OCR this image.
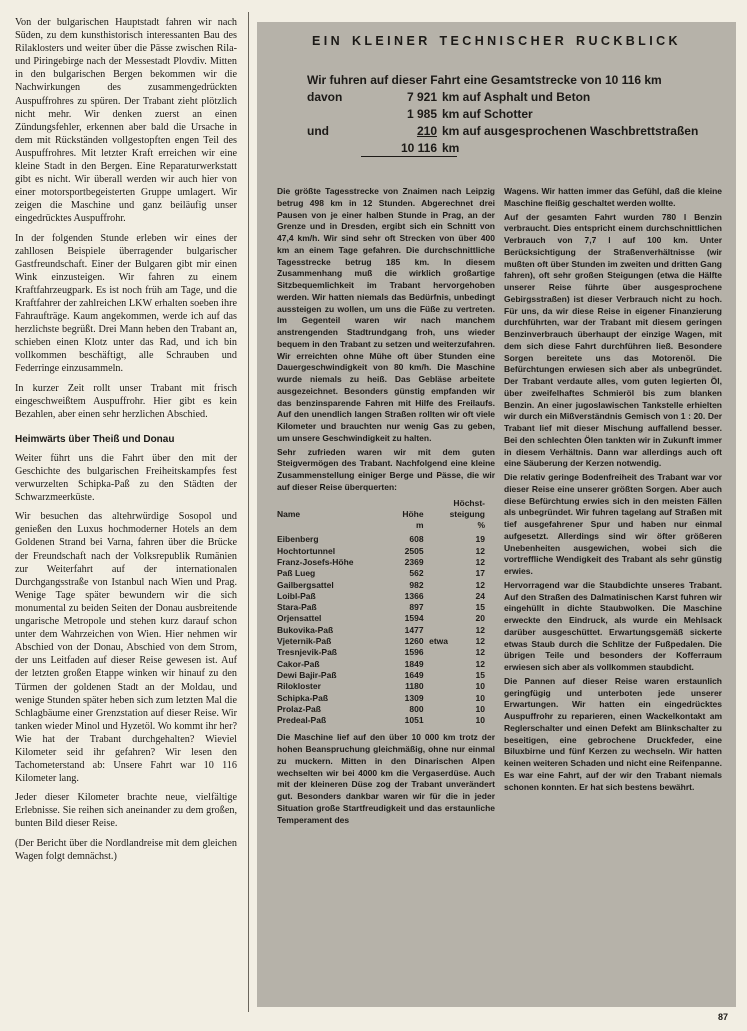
Von der bulgarischen Hauptstadt fahren wir nach Süden, zu dem kunsthistorisch interessanten Bau des Rilaklosters und weiter über die Pässe zwischen Rila- und Piringebirge nach der Messestadt Plovdiv. Mitten in den bulgarischen Bergen bekommen wir die Nachwirkungen des zusammengedrückten Auspuffrohres zu spüren. Der Trabant zieht plötzlich nicht mehr. Wir denken zuerst an einen Zündungsfehler, erkennen aber bald die Ursache in dem mit Rückständen vollgestopften engen Teil des Auspuffrohres. Mit letzter Kraft erreichen wir eine kleine Stadt in den Bergen. Eine Reparaturwerkstatt gibt es nicht. Wir überall werden wir auch hier von einer motorsportbegeisterten Gruppe umlagert. Wir zeigen die Maschine und ganz beiläufig unser eingedrücktes Auspuffrohr.

In der folgenden Stunde erleben wir eines der zahllosen Beispiele überragender bulgarischer Gastfreundschaft. Einer der Bulgaren gibt mir einen Wink einzusteigen. Wir fahren zu einem Kraftfahrzeugpark. Es ist noch früh am Tage, und die Kraftfahrer der zahlreichen LKW erhalten soeben ihre Fahraufträge. Kaum angekommen, werde ich auf das herzlichste begrüßt. Drei Mann heben den Trabant an, schieben einen Klotz unter das Rad, und ich bin vollkommen beschäftigt, alle Schrauben und Federringe einzusammeln.

In kurzer Zeit rollt unser Trabant mit frisch eingeschweißtem Auspuffrohr. Hier gibt es kein Bezahlen, aber einen sehr herzlichen Abschied.

Heimwärts über Theiß und Donau

Weiter führt uns die Fahrt über den mit der Geschichte des bulgarischen Freiheitskampfes fest verwurzelten Schipka-Paß zu den Städten der Schwarzmeerküste.

Wir besuchen das altehrwürdige Sosopol und genießen den Luxus hochmoderner Hotels an dem Goldenen Strand bei Varna, fahren über die Brücke der Freundschaft nach der Volksrepublik Rumänien zur Weiterfahrt auf der internationalen Durchgangsstraße von Istanbul nach Wien und Prag. Wenige Tage später bewundern wir die sich monumental zu beiden Seiten der Donau ausbreitende ungarische Metropole und stehen kurz darauf schon unter dem Wahrzeichen von Wien. Hier nehmen wir Abschied von der Donau, Abschied von dem Strom, der uns Leitfaden auf dieser Reise gewesen ist. Auf der letzten großen Etappe winken wir hinauf zu den Türmen der goldenen Stadt an der Moldau, und wenige Stunden später heben sich zum letzten Mal die Schlagbäume einer Grenzstation auf dieser Reise. Wir tanken wieder Minol und Hyzetöl. Wo kommt ihr her? Wie hat der Trabant durchgehalten? Wieviel Kilometer seid ihr gefahren? Wir lesen den Tachometerstand ab: Unsere Fahrt war 10 116 Kilometer lang.

Jeder dieser Kilometer brachte neue, vielfältige Erlebnisse. Sie reihen sich aneinander zu dem großen, bunten Bild dieser Reise.

(Der Bericht über die Nordlandreise mit dem gleichen Wagen folgt demnächst.)

EIN KLEINER TECHNISCHER RUCKBLICK
Wir fuhren auf dieser Fahrt eine Gesamtstrecke von 10 116 km
davon	7 921 km auf Asphalt und Beton
1 985 km auf Schotter
und	210 km auf ausgesprochenen Waschbrettstraßen
10 116 km

Die größte Tagesstrecke von Znaimen nach Leipzig betrug 498 km in 12 Stunden. Abgerechnet drei Pausen von je einer halben Stunde in Prag, an der Grenze und in Dresden, ergibt sich ein Schnitt von 47,4 km/h. Wir sind sehr oft Strecken von über 400 km an einem Tage gefahren. Die durchschnittliche Tagesstrecke betrug 185 km. In diesem Zusammenhang muß die wirklich großartige Sitzbequemlichkeit im Trabant hervorgehoben werden. Wir hatten niemals das Bedürfnis, unbedingt aussteigen zu wollen, um uns die Füße zu vertreten. Im Gegenteil waren wir nach manchem anstrengenden Stadtrundgang froh, uns wieder bequem in den Trabant zu setzen und weiterzufahren. Wir erreichten ohne Mühe oft über Stunden eine Dauergeschwindigkeit von 80 km/h. Die Maschine wurde niemals zu heiß. Das Gebläse arbeitete ausgezeichnet. Besonders günstig empfanden wir das benzinsparende Fahren mit Hilfe des Freilaufs. Auf den unendlich langen Straßen rollten wir oft viele Kilometer und brauchten nur wenig Gas zu geben, um unsere Geschwindigkeit zu halten.

Sehr zufrieden waren wir mit dem guten Steigvermögen des Trabant. Nachfolgend eine kleine Zusammenstellung einiger Berge und Pässe, die wir auf dieser Reise überquerten:

Name	Höhe		Höchst-steigung
	m		%
Eibenberg	608		19
Hochtortunnel	2505		12
Franz-Josefs-Höhe	2369		12
Paß Lueg	562		17
Gailbergsattel	982		12
Loibl-Paß	1366		24
Stara-Paß	897		15
Orjensattel	1594		20
Bukovika-Paß	1477		12
Vjeternik-Paß	1260	etwa	12
Tresnjevik-Paß	1596		12
Cakor-Paß	1849		12
Dewi Bajir-Paß	1649		15
Rilokloster	1180		10
Schipka-Paß	1309		10
Prolaz-Paß	800		10
Predeal-Paß	1051		10

Die Maschine lief auf den über 10 000 km trotz der hohen Beanspruchung gleichmäßig, ohne nur einmal zu muckern. Mitten in den Dinarischen Alpen wechselten wir bei 4000 km die Vergaserdüse. Auch mit der kleineren Düse zog der Trabant unverändert gut. Besonders dankbar waren wir für die in jeder Situation große Startfreudigkeit und das erstaunliche Temperament des

Wagens. Wir hatten immer das Gefühl, daß die kleine Maschine fleißig geschaltet werden wollte.

Auf der gesamten Fahrt wurden 780 l Benzin verbraucht. Dies entspricht einem durchschnittlichen Verbrauch von 7,7 l auf 100 km. Unter Berücksichtigung der Straßenverhältnisse (wir mußten oft über Stunden im zweiten und dritten Gang fahren), oft sehr großen Steigungen (etwa die Hälfte unserer Reise führte über ausgesprochene Gebirgsstraßen) ist dieser Verbrauch nicht zu hoch. Für uns, da wir diese Reise in eigener Finanzierung durchführten, war der Trabant mit diesem geringen Benzinverbrauch überhaupt der einzige Wagen, mit dem sich diese Fahrt durchführen ließ. Besondere Sorgen bereitete uns das Motorenöl. Die Befürchtungen erwiesen sich aber als unbegründet. Der Trabant verdaute alles, vom guten legierten Öl, über zweifelhaftes Schmieröl bis zum blanken Benzin. An einer jugoslawischen Tankstelle erhielten wir durch ein Mißverständnis Gemisch von 1 : 20. Der Trabant lief mit dieser Mischung auffallend besser. Bei den schlechten Ölen tankten wir in Zukunft immer in diesem Verhältnis. Dann war allerdings auch oft eine Säuberung der Kerzen notwendig.

Die relativ geringe Bodenfreiheit des Trabant war vor dieser Reise eine unserer größten Sorgen. Aber auch diese Befürchtung erwies sich in den meisten Fällen als unbegründet. Wir fuhren tagelang auf Straßen mit tief ausgefahrener Spur und haben nur einmal aufgesetzt. Allerdings sind wir öfter größeren Unebenheiten ausgewichen, wobei sich die vortreffliche Wendigkeit des Trabant als sehr günstig erwies.

Hervorragend war die Staubdichte unseres Trabant. Auf den Straßen des Dalmatinischen Karst fuhren wir eingehüllt in dichte Staubwolken. Die Maschine erweckte den Eindruck, als wurde ein Mehlsack darüber ausgeschüttet. Erwartungsgemäß sickerte etwas Staub durch die Schlitze der Fußpedalen. Die übrigen Teile und besonders der Kofferraum erwiesen sich aber als vollkommen staubdicht.

Die Pannen auf dieser Reise waren erstaunlich geringfügig und unterboten jede unserer Erwartungen. Wir hatten ein eingedrücktes Auspuffrohr zu reparieren, einen Wackelkontakt am Reglerschalter und einen Defekt am Blinkschalter zu beseitigen, eine gebrochene Druckfeder, eine Biluxbirne und fünf Kerzen zu wechseln. Wir hatten keinen weiteren Schaden und nicht eine Reifenpanne. Es war eine Fahrt, auf der wir den Trabant niemals schonen konnten. Er hat sich bestens bewährt.

87
